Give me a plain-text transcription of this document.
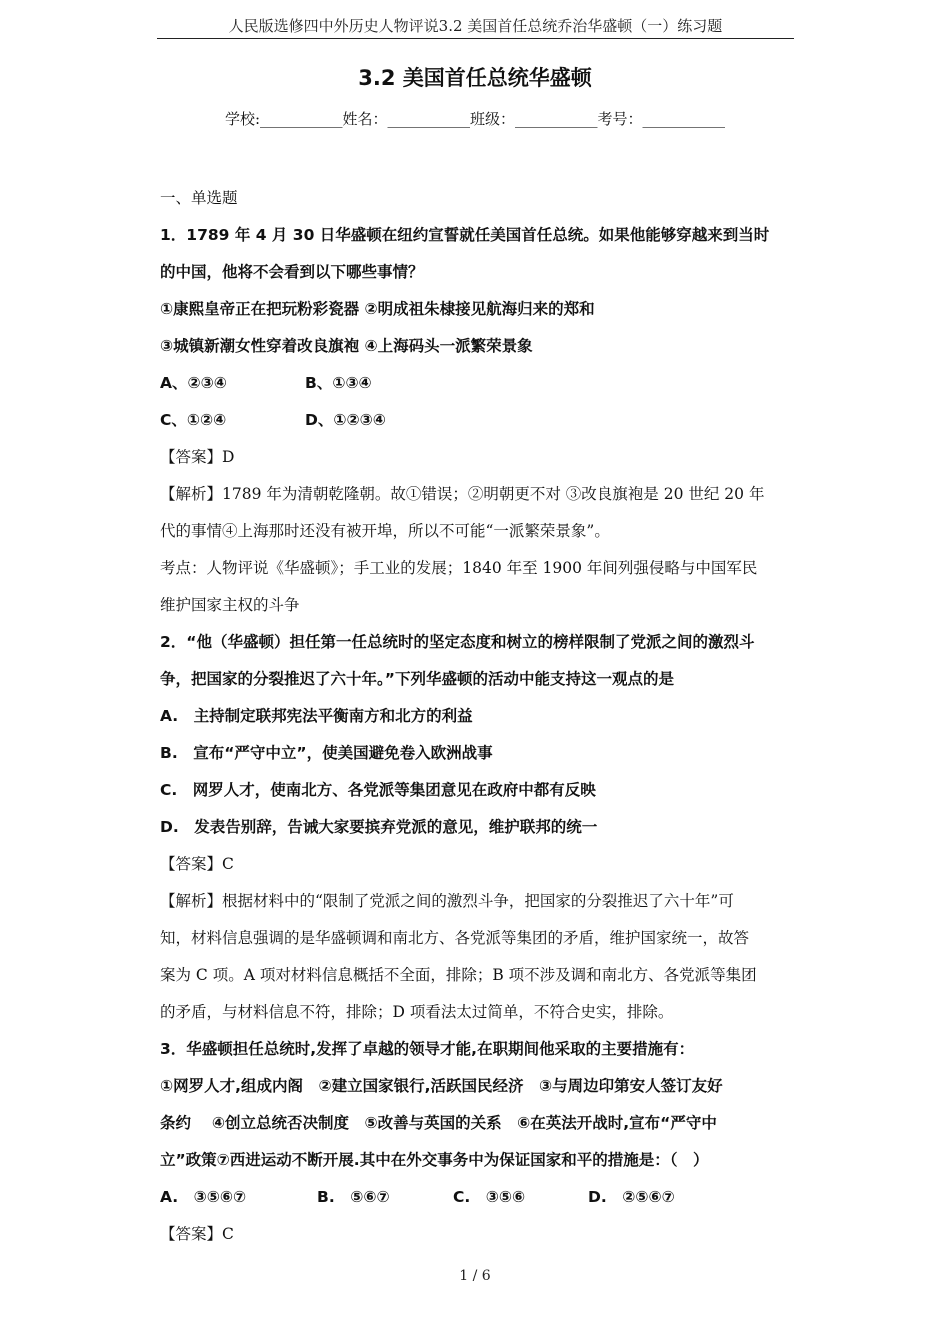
人民版选修四中外历史人物评说3.2 美国首任总统乔治华盛顿（一）练习题
3.2 美国首任总统华盛顿
学校:___________姓名：___________班级：___________考号：___________
一、单选题
1．1789 年 4 月 30 日华盛顿在纽约宣誓就任美国首任总统。如果他能够穿越来到当时
的中国，他将不会看到以下哪些事情？
①康熙皇帝正在把玩粉彩瓷器 ②明成祖朱棣接见航海归来的郑和
③城镇新潮女性穿着改良旗袍 ④上海码头一派繁荣景象
A、②③④	B、①③④
C、①②④	D、①②③④
【答案】D
【解析】1789 年为清朝乾隆朝。故①错误；②明朝更不对 ③改良旗袍是 20 世纪 20 年
代的事情④上海那时还没有被开埠，所以不可能“一派繁荣景象”。
考点：人物评说《华盛顿》；手工业的发展；1840 年至 1900 年间列强侵略与中国军民
维护国家主权的斗争
2．“他（华盛顿）担任第一任总统时的坚定态度和树立的榜样限制了党派之间的激烈斗
争，把国家的分裂推迟了六十年。”下列华盛顿的活动中能支持这一观点的是
A.　主持制定联邦宪法平衡南方和北方的利益
B.　宣布“严守中立”，使美国避免卷入欧洲战事
C.　网罗人才，使南北方、各党派等集团意见在政府中都有反映
D.　发表告别辞，告诫大家要摈弃党派的意见，维护联邦的统一
【答案】C
【解析】根据材料中的“限制了党派之间的激烈斗争，把国家的分裂推迟了六十年”可
知，材料信息强调的是华盛顿调和南北方、各党派等集团的矛盾，维护国家统一，故答
案为 C 项。A 项对材料信息概括不全面，排除；B 项不涉及调和南北方、各党派等集团
的矛盾，与材料信息不符，排除；D 项看法太过简单，不符合史实，排除。
3．华盛顿担任总统时,发挥了卓越的领导才能,在职期间他采取的主要措施有：
①网罗人才,组成内阁　②建立国家银行,活跃国民经济　③与周边印第安人签订友好
条约　 ④创立总统否决制度　⑤改善与英国的关系　⑥在英法开战时,宣布“严守中
立”政策⑦西进运动不断开展.其中在外交事务中为保证国家和平的措施是：（　）
A.　③⑤⑥⑦	B.　⑤⑥⑦	C.　③⑤⑥	D.　②⑤⑥⑦
【答案】C
1 / 6
